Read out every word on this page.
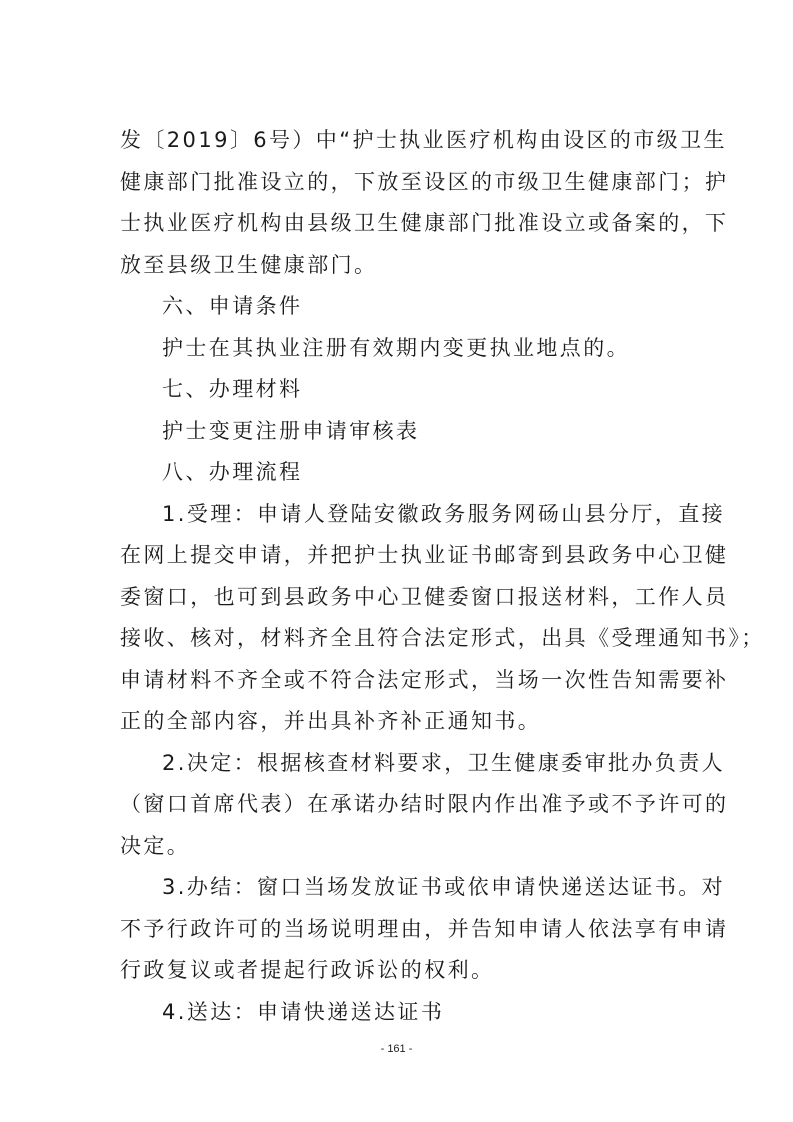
发〔2019〕6号）中“护士执业医疗机构由设区的市级卫生
健康部门批准设立的，下放至设区的市级卫生健康部门；护
士执业医疗机构由县级卫生健康部门批准设立或备案的，下
放至县级卫生健康部门。
六、申请条件
护士在其执业注册有效期内变更执业地点的。
七、办理材料
护士变更注册申请审核表
八、办理流程
1.受理：申请人登陆安徽政务服务网砀山县分厅，直接
在网上提交申请，并把护士执业证书邮寄到县政务中心卫健
委窗口，也可到县政务中心卫健委窗口报送材料，工作人员
接收、核对，材料齐全且符合法定形式，出具《受理通知书》；
申请材料不齐全或不符合法定形式，当场一次性告知需要补
正的全部内容，并出具补齐补正通知书。
2.决定：根据核查材料要求，卫生健康委审批办负责人
（窗口首席代表）在承诺办结时限内作出准予或不予许可的
决定。
3.办结：窗口当场发放证书或依申请快递送达证书。对
不予行政许可的当场说明理由，并告知申请人依法享有申请
行政复议或者提起行政诉讼的权利。
4.送达：申请快递送达证书
- 161 -
